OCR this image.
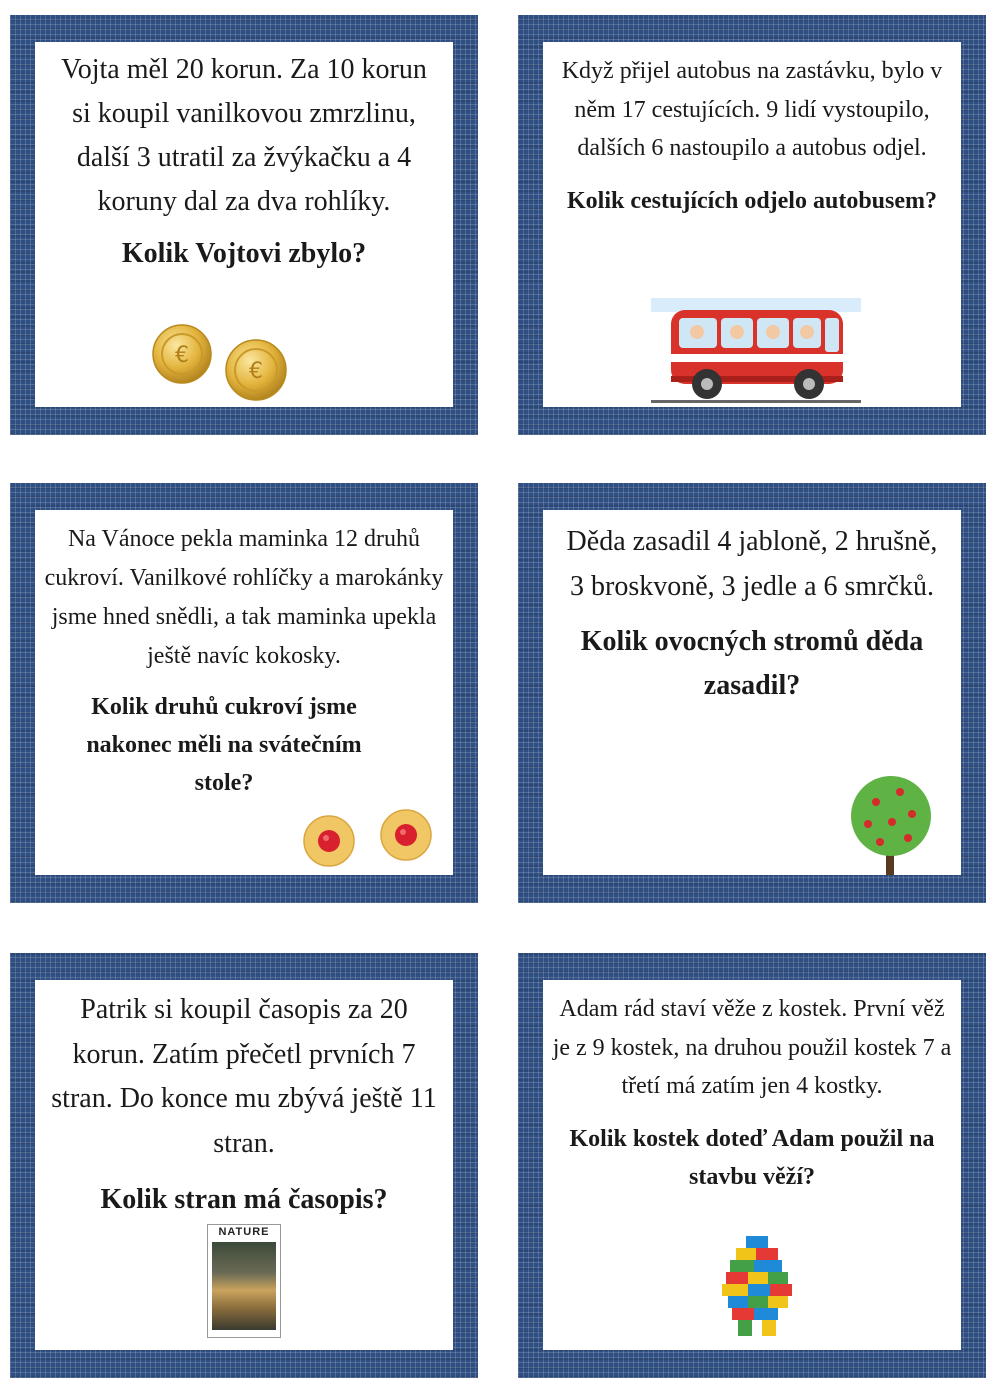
Vojta měl 20 korun. Za 10 korun si koupil vanilkovou zmrzlinu, další 3 utratil za žvýkačku a 4 koruny dal za dva rohlíky.

Kolik Vojtovi zbylo?

€
€

Když přijel autobus na zastávku, bylo v něm 17 cestujících. 9 lidí vystoupilo, dalších 6 nastoupilo a autobus odjel.

Kolik cestujících odjelo autobusem?

Na Vánoce pekla maminka 12 druhů cukroví. Vanilkové rohlíčky a marokánky jsme hned snědli, a tak maminka upekla ještě navíc kokosky.

Kolik druhů cukroví jsme nakonec měli na svátečním stole?

Děda zasadil 4 jabloně, 2 hrušně, 3 broskvoně, 3 jedle a 6 smrčků.

Kolik ovocných stromů děda zasadil?

Patrik si koupil časopis za 20 korun. Zatím přečetl prvních 7 stran. Do konce mu zbývá ještě 11 stran.

Kolik stran má časopis?

NATURE

Adam rád staví věže z kostek. První věž je z 9 kostek, na druhou použil kostek 7 a třetí má zatím jen 4 kostky.

Kolik kostek doteď Adam použil na stavbu věží?
